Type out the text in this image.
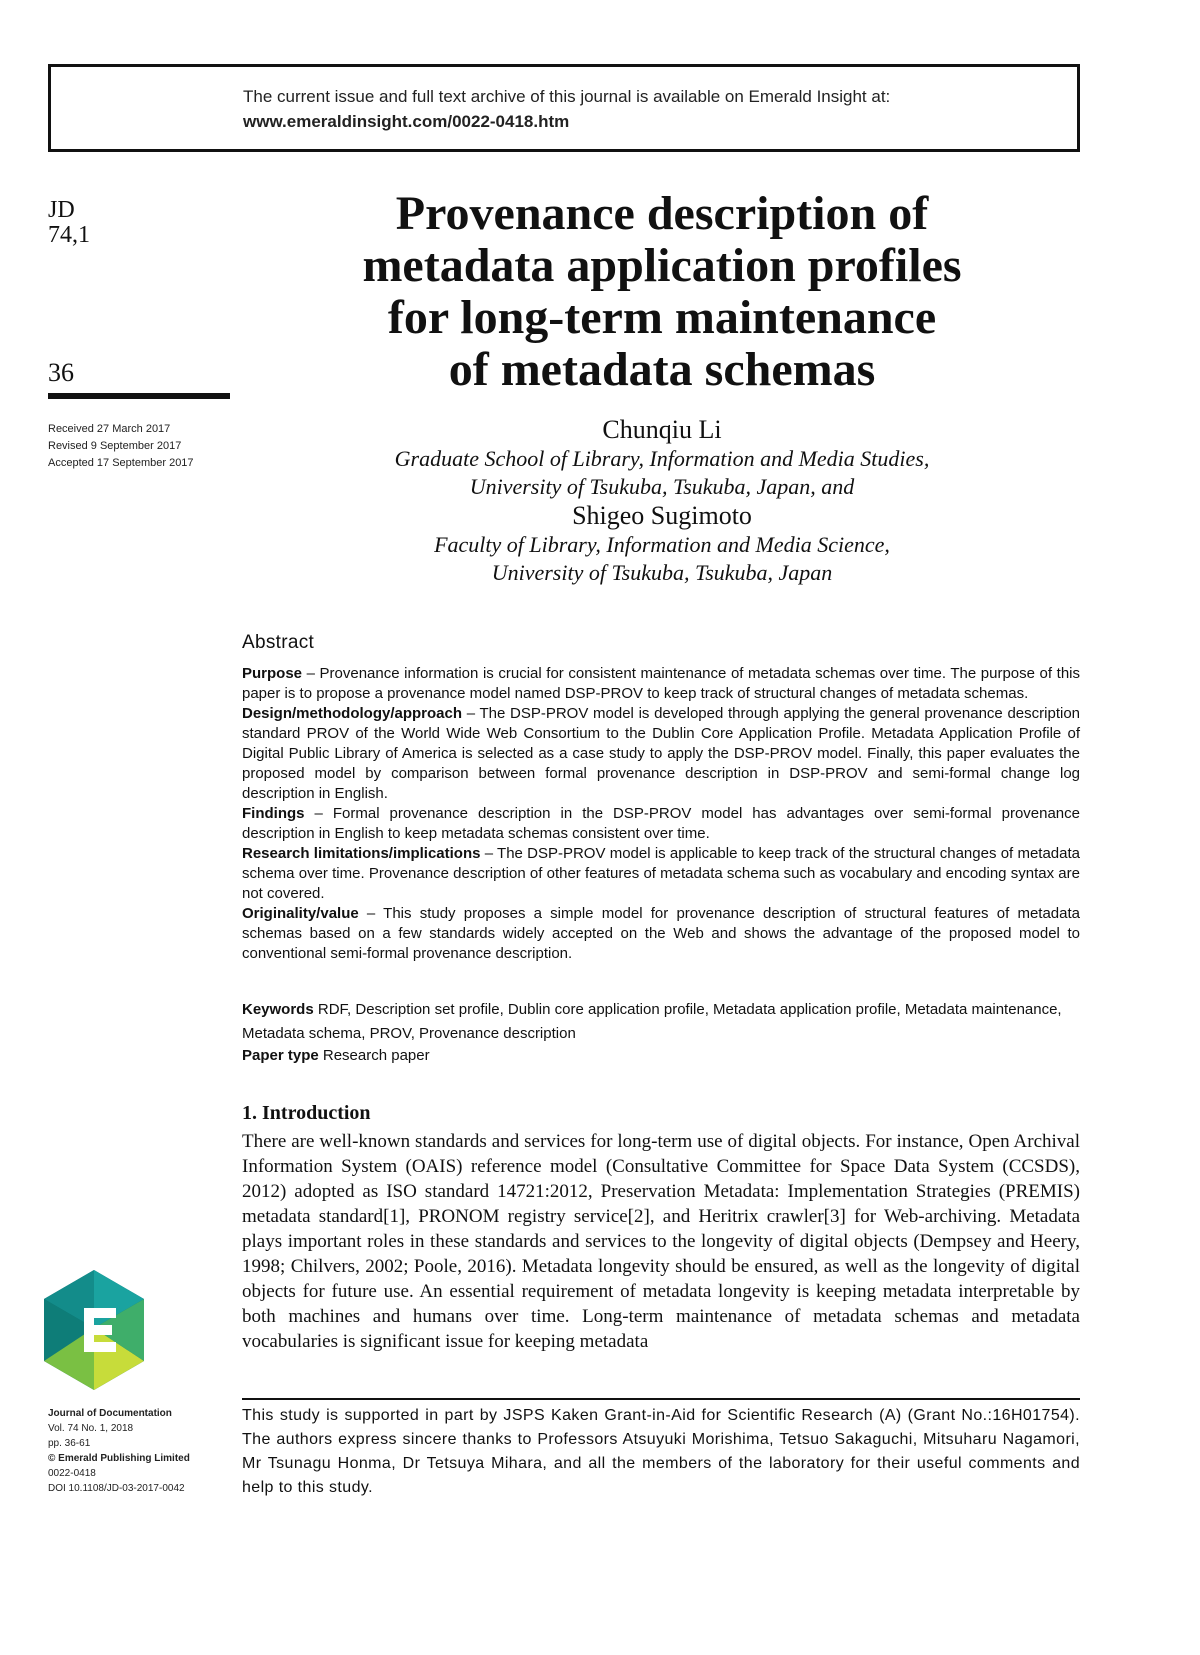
The current issue and full text archive of this journal is available on Emerald Insight at:
www.emeraldinsight.com/0022-0418.htm
JD
74,1
36
Received 27 March 2017
Revised 9 September 2017
Accepted 17 September 2017
Provenance description of
metadata application profiles
for long-term maintenance
of metadata schemas
Chunqiu Li
Graduate School of Library, Information and Media Studies,
University of Tsukuba, Tsukuba, Japan, and
Shigeo Sugimoto
Faculty of Library, Information and Media Science,
University of Tsukuba, Tsukuba, Japan
Abstract

Purpose – Provenance information is crucial for consistent maintenance of metadata schemas over time. The purpose of this paper is to propose a provenance model named DSP-PROV to keep track of structural changes of metadata schemas.

Design/methodology/approach – The DSP-PROV model is developed through applying the general provenance description standard PROV of the World Wide Web Consortium to the Dublin Core Application Profile. Metadata Application Profile of Digital Public Library of America is selected as a case study to apply the DSP-PROV model. Finally, this paper evaluates the proposed model by comparison between formal provenance description in DSP-PROV and semi-formal change log description in English.

Findings – Formal provenance description in the DSP-PROV model has advantages over semi-formal provenance description in English to keep metadata schemas consistent over time.

Research limitations/implications – The DSP-PROV model is applicable to keep track of the structural changes of metadata schema over time. Provenance description of other features of metadata schema such as vocabulary and encoding syntax are not covered.

Originality/value – This study proposes a simple model for provenance description of structural features of metadata schemas based on a few standards widely accepted on the Web and shows the advantage of the proposed model to conventional semi-formal provenance description.

Keywords RDF, Description set profile, Dublin core application profile, Metadata application profile, Metadata maintenance, Metadata schema, PROV, Provenance description

Paper type Research paper
1. Introduction

There are well-known standards and services for long-term use of digital objects. For instance, Open Archival Information System (OAIS) reference model (Consultative Committee for Space Data System (CCSDS), 2012) adopted as ISO standard 14721:2012, Preservation Metadata: Implementation Strategies (PREMIS) metadata standard[1], PRONOM registry service[2], and Heritrix crawler[3] for Web-archiving. Metadata plays important roles in these standards and services to the longevity of digital objects (Dempsey and Heery, 1998; Chilvers, 2002; Poole, 2016). Metadata longevity should be ensured, as well as the longevity of digital objects for future use. An essential requirement of metadata longevity is keeping metadata interpretable by both machines and humans over time. Long-term maintenance of metadata schemas and metadata vocabularies is significant issue for keeping metadata

This study is supported in part by JSPS Kaken Grant-in-Aid for Scientific Research (A) (Grant No.:16H01754). The authors express sincere thanks to Professors Atsuyuki Morishima, Tetsuo Sakaguchi, Mitsuharu Nagamori, Mr Tsunagu Honma, Dr Tetsuya Mihara, and all the members of the laboratory for their useful comments and help to this study.

Journal of Documentation
Vol. 74 No. 1, 2018
pp. 36-61
© Emerald Publishing Limited
0022-0418
DOI 10.1108/JD-03-2017-0042
